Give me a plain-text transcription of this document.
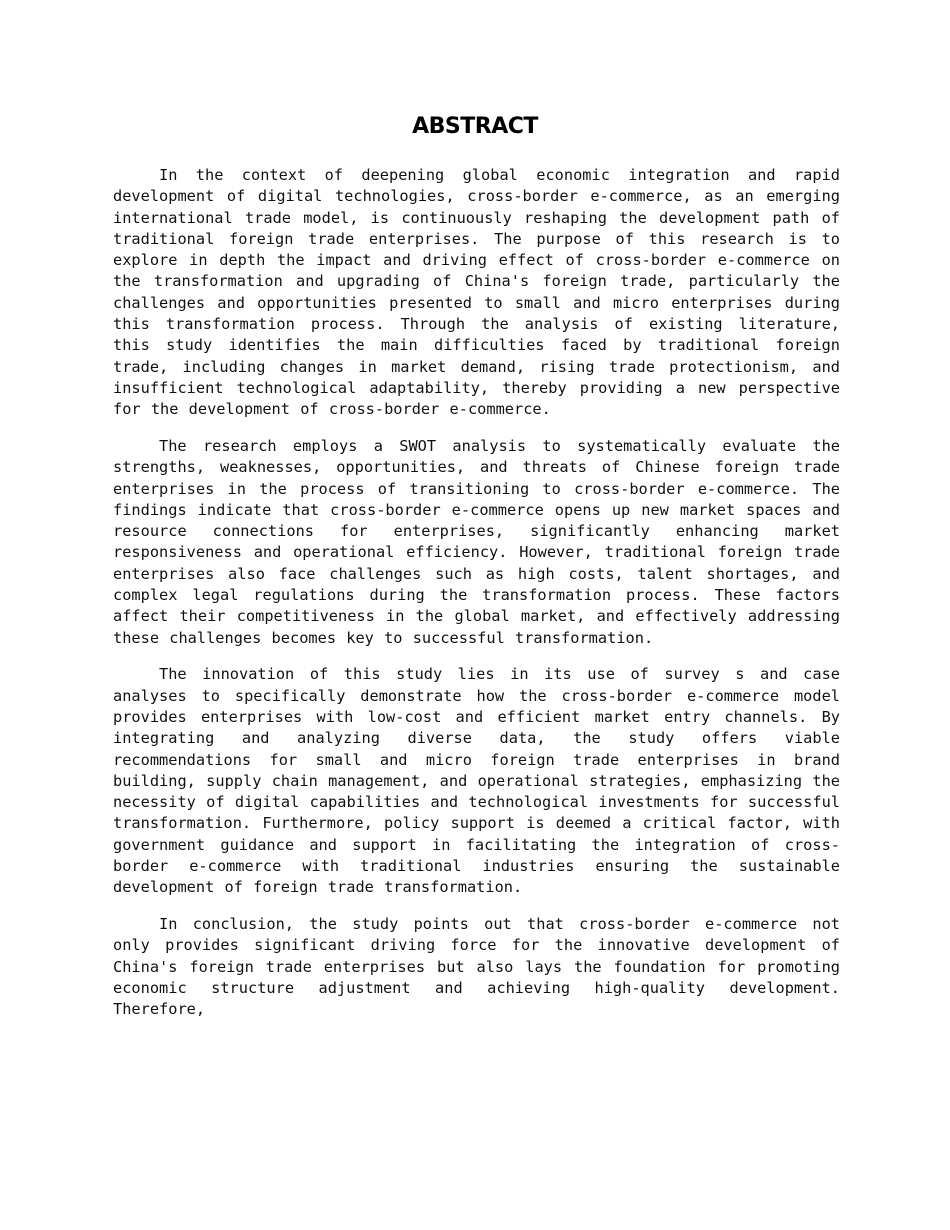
ABSTRACT

In the context of deepening global economic integration and rapid development of digital technologies, cross-border e-commerce, as an emerging international trade model, is continuously reshaping the development path of traditional foreign trade enterprises. The purpose of this research is to explore in depth the impact and driving effect of cross-border e-commerce on the transformation and upgrading of China's foreign trade, particularly the challenges and opportunities presented to small and micro enterprises during this transformation process. Through the analysis of existing literature, this study identifies the main difficulties faced by traditional foreign trade, including changes in market demand, rising trade protectionism, and insufficient technological adaptability, thereby providing a new perspective for the development of cross-border e-commerce.

The research employs a SWOT analysis to systematically evaluate the strengths, weaknesses, opportunities, and threats of Chinese foreign trade enterprises in the process of transitioning to cross-border e-commerce. The findings indicate that cross-border e-commerce opens up new market spaces and resource connections for enterprises, significantly enhancing market responsiveness and operational efficiency. However, traditional foreign trade enterprises also face challenges such as high costs, talent shortages, and complex legal regulations during the transformation process. These factors affect their competitiveness in the global market, and effectively addressing these challenges becomes key to successful transformation.

The innovation of this study lies in its use of survey s and case analyses to specifically demonstrate how the cross-border e-commerce model provides enterprises with low-cost and efficient market entry channels. By integrating and analyzing diverse data, the study offers viable recommendations for small and micro foreign trade enterprises in brand building, supply chain management, and operational strategies, emphasizing the necessity of digital capabilities and technological investments for successful transformation. Furthermore, policy support is deemed a critical factor, with government guidance and support in facilitating the integration of cross-border e-commerce with traditional industries ensuring the sustainable development of foreign trade transformation.

In conclusion, the study points out that cross-border e-commerce not only provides significant driving force for the innovative development of China's foreign trade enterprises but also lays the foundation for promoting economic structure adjustment and achieving high-quality development. Therefore,
